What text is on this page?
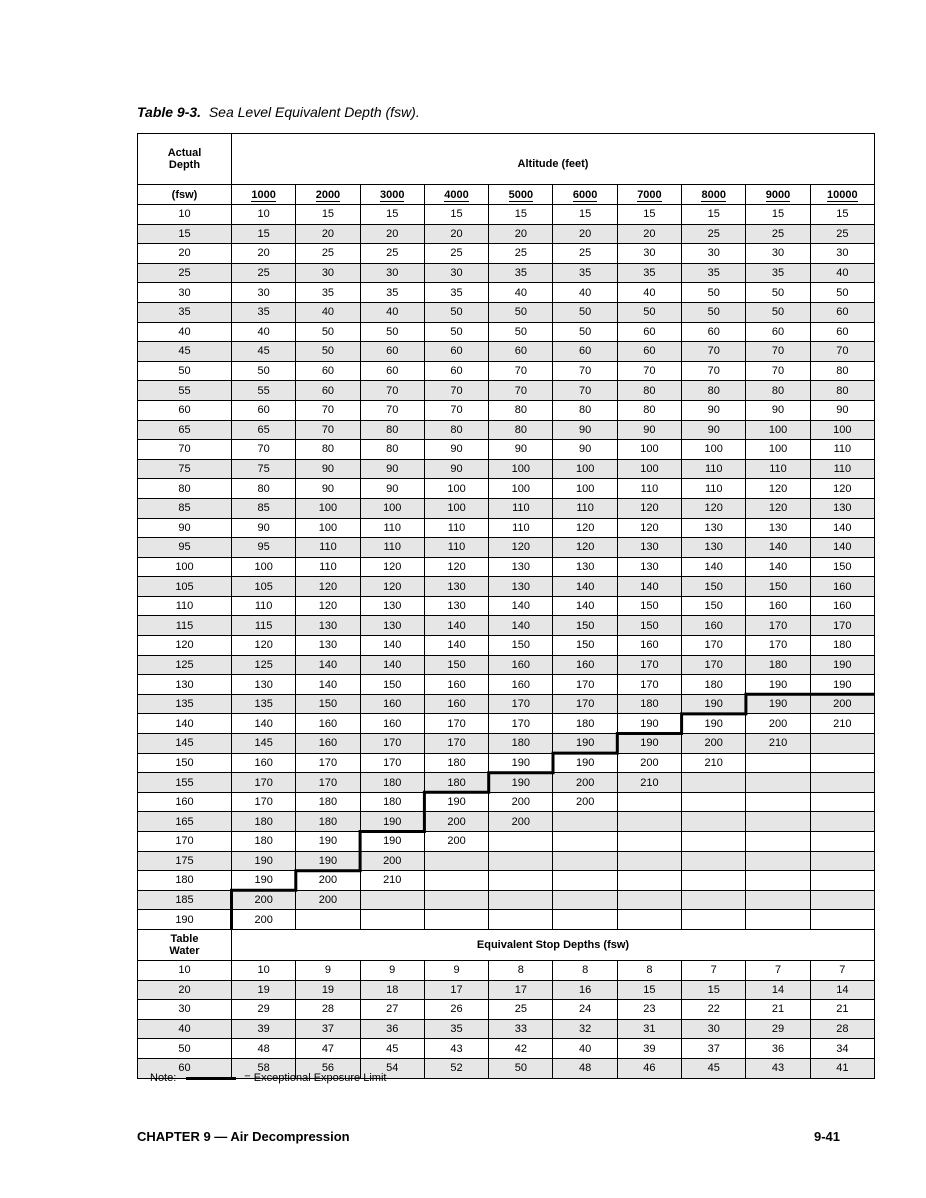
Table 9-3. Sea Level Equivalent Depth (fsw).
Actual
Depth	Altitude (feet)									
(fsw)	1000	2000	3000	4000	5000	6000	7000	8000	9000	10000
10	10	15	15	15	15	15	15	15	15	15
15	15	20	20	20	20	20	20	25	25	25
20	20	25	25	25	25	25	30	30	30	30
25	25	30	30	30	35	35	35	35	35	40
30	30	35	35	35	40	40	40	50	50	50
35	35	40	40	50	50	50	50	50	50	60
40	40	50	50	50	50	50	60	60	60	60
45	45	50	60	60	60	60	60	70	70	70
50	50	60	60	60	70	70	70	70	70	80
55	55	60	70	70	70	70	80	80	80	80
60	60	70	70	70	80	80	80	90	90	90
65	65	70	80	80	80	90	90	90	100	100
70	70	80	80	90	90	90	100	100	100	110
75	75	90	90	90	100	100	100	110	110	110
80	80	90	90	100	100	100	110	110	120	120
85	85	100	100	100	110	110	120	120	120	130
90	90	100	110	110	110	120	120	130	130	140
95	95	110	110	110	120	120	130	130	140	140
100	100	110	120	120	130	130	130	140	140	150
105	105	120	120	130	130	140	140	150	150	160
110	110	120	130	130	140	140	150	150	160	160
115	115	130	130	140	140	150	150	160	170	170
120	120	130	140	140	150	150	160	170	170	180
125	125	140	140	150	160	160	170	170	180	190
130	130	140	150	160	160	170	170	180	190	190
135	135	150	160	160	170	170	180	190	190	200
140	140	160	160	170	170	180	190	190	200	210
145	145	160	170	170	180	190	190	200	210	
150	160	170	170	180	190	190	200	210		
155	170	170	180	180	190	200	210			
160	170	180	180	190	200	200				
165	180	180	190	200	200					
170	180	190	190	200						
175	190	190	200							
180	190	200	210							
185	200	200								
190	200									
Table
Water	Equivalent Stop Depths (fsw)									
10	10	9	9	9	8	8	8	7	7	7
20	19	19	18	17	17	16	15	15	14	14
30	29	28	27	26	25	24	23	22	21	21
40	39	37	36	35	33	32	31	30	29	28
50	48	47	45	43	42	40	39	37	36	34
60	58	56	54	52	50	48	46	45	43	41
Note:	= Exceptional Exposure Limit
CHAPTER 9 — Air Decompression	9-41
